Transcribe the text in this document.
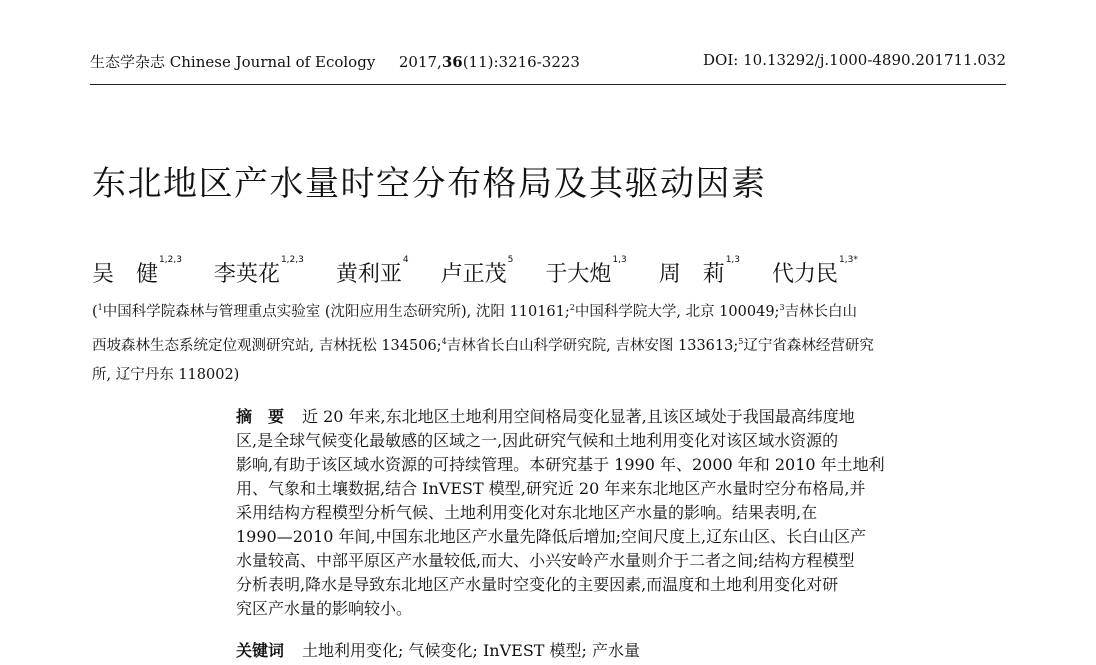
生态学杂志 Chinese Journal of Ecology 2017,36(11):3216-3223	DOI: 10.13292/j.1000-4890.201711.032
东北地区产水量时空分布格局及其驱动因素
吴　健$^{1,2,3}$ 李英花$^{1,2,3}$ 黄利亚$^4$ 卢正茂$^5$ 于大炮$^{1,3}$ 周　莉$^{1,3}$ 代力民$^{1,3*}$
($^1$中国科学院森林与管理重点实验室 (沈阳应用生态研究所), 沈阳 110161;$^2$中国科学院大学, 北京 100049;$^3$吉林长白山
西坡森林生态系统定位观测研究站, 吉林抚松 134506;$^4$吉林省长白山科学研究院, 吉林安图 133613;$^5$辽宁省森林经营研究
所, 辽宁丹东 118002)
摘　要 近 20 年来,东北地区土地利用空间格局变化显著,且该区域处于我国最高纬度地
区,是全球气候变化最敏感的区域之一,因此研究气候和土地利用变化对该区域水资源的
影响,有助于该区域水资源的可持续管理。本研究基于 1990 年、2000 年和 2010 年土地利
用、气象和土壤数据,结合 InVEST 模型,研究近 20 年来东北地区产水量时空分布格局,并
采用结构方程模型分析气候、土地利用变化对东北地区产水量的影响。结果表明,在
1990—2010 年间,中国东北地区产水量先降低后增加;空间尺度上,辽东山区、长白山区产
水量较高、中部平原区产水量较低,而大、小兴安岭产水量则介于二者之间;结构方程模型
分析表明,降水是导致东北地区产水量时空变化的主要因素,而温度和土地利用变化对研
究区产水量的影响较小。
关键词 土地利用变化; 气候变化; InVEST 模型; 产水量
